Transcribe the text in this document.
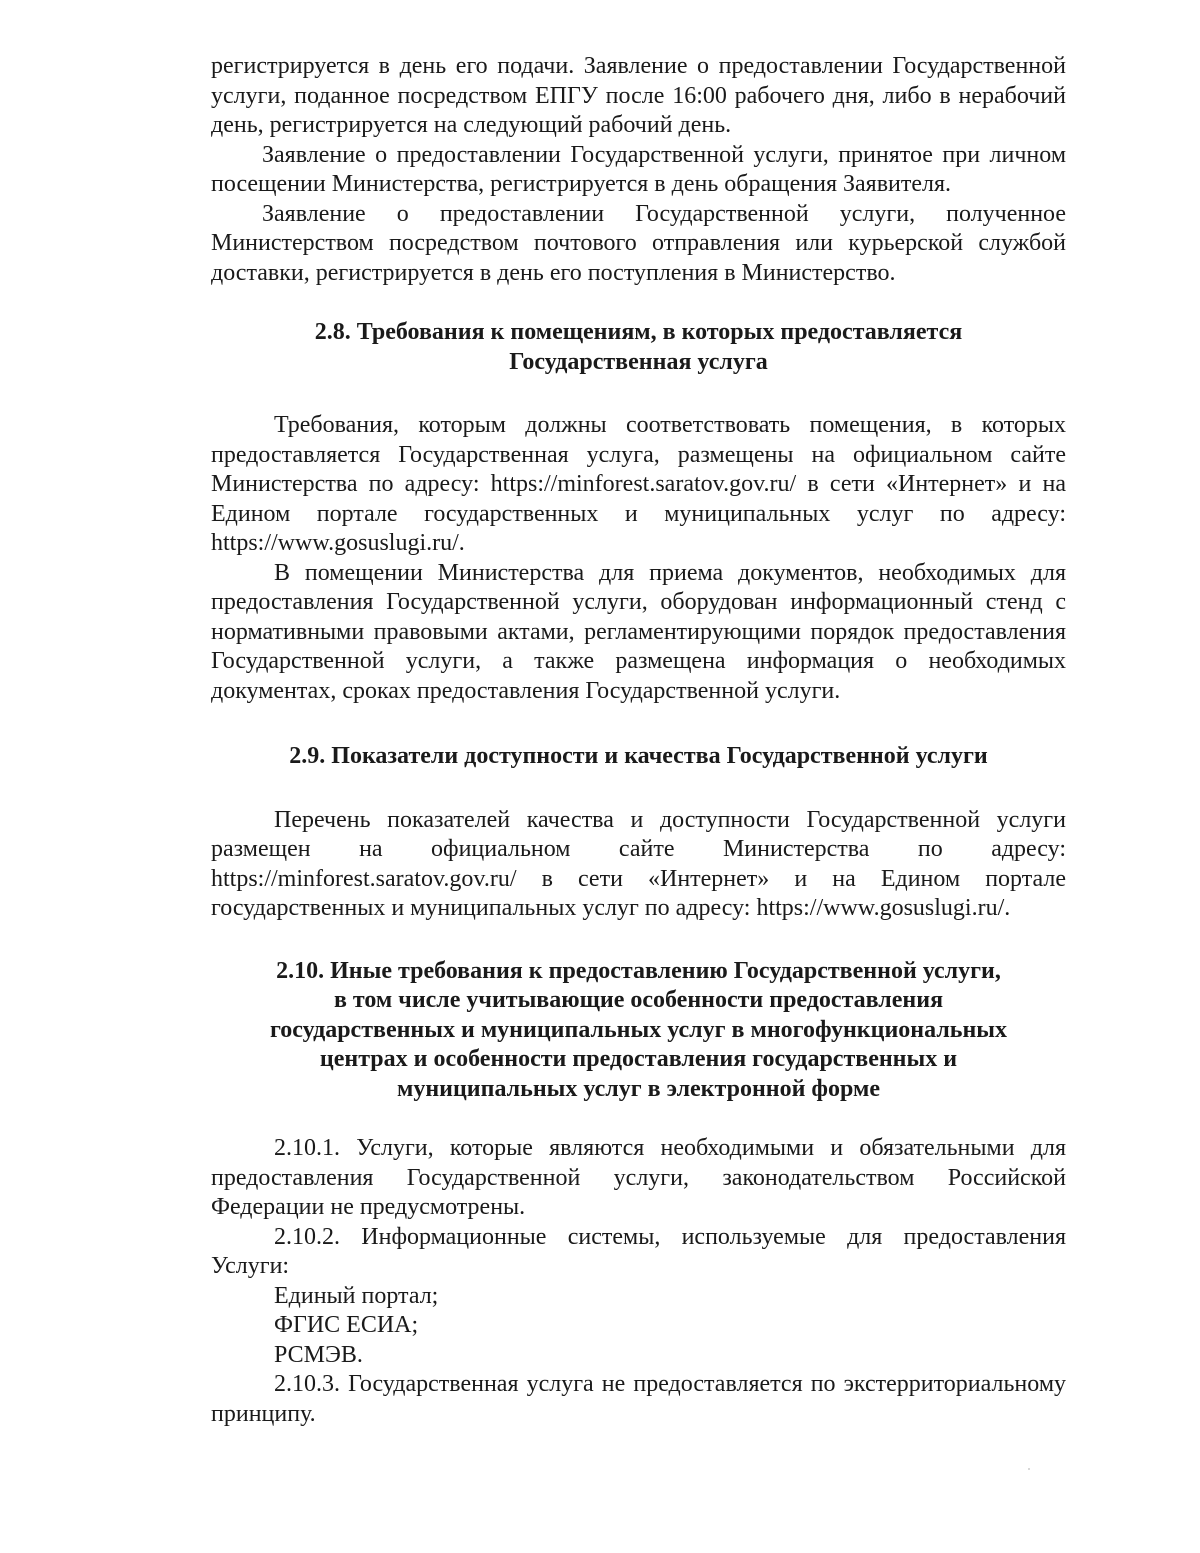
регистрируется в день его подачи. Заявление о предоставлении Государственной услуги, поданное посредством ЕПГУ после 16:00 рабочего дня, либо в нерабочий день, регистрируется на следующий рабочий день.

Заявление о предоставлении Государственной услуги, принятое при личном посещении Министерства, регистрируется в день обращения Заявителя.

Заявление о предоставлении Государственной услуги, полученное Министерством посредством почтового отправления или курьерской службой доставки, регистрируется в день его поступления в Министерство.

2.8. Требования к помещениям, в которых предоставляется

Государственная услуга

Требования, которым должны соответствовать помещения, в которых предоставляется Государственная услуга, размещены на официальном сайте Министерства по адресу: https://minforest.saratov.gov.ru/ в сети «Интернет» и на Едином портале государственных и муниципальных услуг по адресу: https://www.gosuslugi.ru/.

В помещении Министерства для приема документов, необходимых для предоставления Государственной услуги, оборудован информационный стенд с нормативными правовыми актами, регламентирующими порядок предоставления Государственной услуги, а также размещена информация о необходимых документах, сроках предоставления Государственной услуги.

2.9. Показатели доступности и качества Государственной услуги

Перечень показателей качества и доступности Государственной услуги размещен на официальном сайте Министерства по адресу: https://minforest.saratov.gov.ru/ в сети «Интернет» и на Едином портале государственных и муниципальных услуг по адресу: https://www.gosuslugi.ru/.

2.10. Иные требования к предоставлению Государственной услуги,

в том числе учитывающие особенности предоставления

государственных и муниципальных услуг в многофункциональных

центрах и особенности предоставления государственных и

муниципальных услуг в электронной форме

2.10.1. Услуги, которые являются необходимыми и обязательными для предоставления Государственной услуги, законодательством Российской Федерации не предусмотрены.

2.10.2. Информационные системы, используемые для предоставления Услуги:

Единый портал;

ФГИС ЕСИА;

РСМЭВ.

2.10.3. Государственная услуга не предоставляется по экстерриториальному принципу.
